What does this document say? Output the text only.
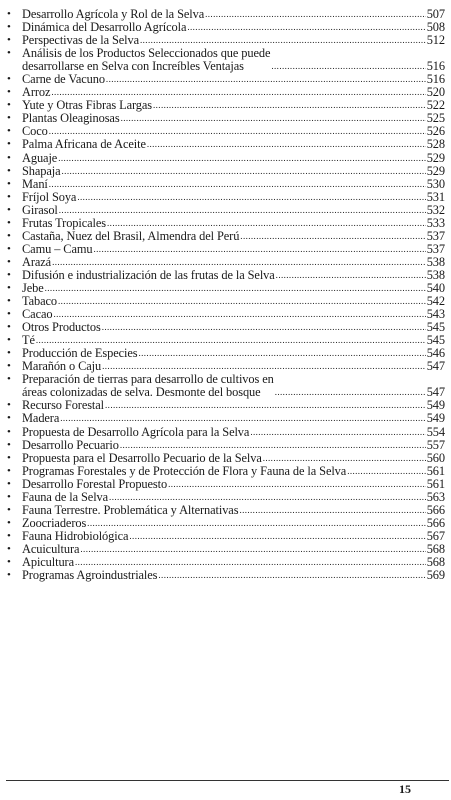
• Desarrollo Agrícola y Rol de la Selva .....	507
• Dinámica del Desarrollo Agrícola .....	508
• Perspectivas de la Selva .....	512
• Análisis de los Productos Seleccionados que puede
desarrollarse en Selva con Increíbles Ventajas .....	516
• Carne de Vacuno .....	516
• Arroz .....	520
• Yute y Otras Fibras Largas .....	522
• Plantas Oleaginosas .....	525
• Coco .....	526
• Palma Africana de Aceite .....	528
• Aguaje .....	529
• Shapaja .....	529
• Maní .....	530
• Fríjol Soya .....	531
• Girasol .....	532
• Frutas Tropicales .....	533
• Castaña, Nuez del Brasil, Almendra del Perú .....	537
• Camu – Camu .....	537
• Arazá .....	538
• Difusión e industrialización de las frutas de la Selva .....	538
• Jebe .....	540
• Tabaco .....	542
• Cacao .....	543
• Otros Productos .....	545
• Té .....	545
• Producción de Especies .....	546
• Marañón o Caju .....	547
• Preparación de tierras para desarrollo de cultivos en
áreas colonizadas de selva. Desmonte del bosque .....	547
• Recurso Forestal .....	549
• Madera .....	549
• Propuesta de Desarrollo Agrícola para la Selva .....	554
• Desarrollo Pecuario .....	557
• Propuesta para el Desarrollo Pecuario de la Selva .....	560
• Programas Forestales y de Protección de Flora y Fauna de la Selva .....	561
• Desarrollo Forestal Propuesto .....	561
• Fauna de la Selva .....	563
• Fauna Terrestre. Problemática y Alternativas .....	566
• Zoocriaderos .....	566
• Fauna Hidrobiológica .....	567
• Acuicultura .....	568
• Apicultura .....	568
• Programas Agroindustriales .....	569
15
